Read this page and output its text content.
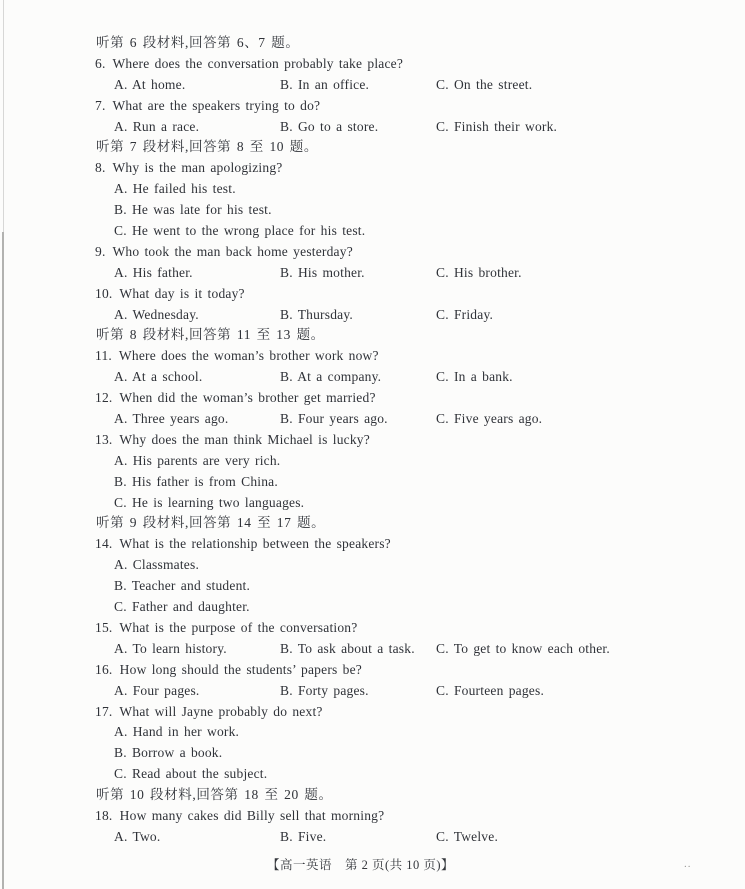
听第 6 段材料,回答第 6、7 题。
6. Where does the conversation probably take place?
A. At home.	B. In an office.	C. On the street.
7. What are the speakers trying to do?
A. Run a race.	B. Go to a store.	C. Finish their work.
听第 7 段材料,回答第 8 至 10 题。
8. Why is the man apologizing?
A. He failed his test.
B. He was late for his test.
C. He went to the wrong place for his test.
9. Who took the man back home yesterday?
A. His father.	B. His mother.	C. His brother.
10. What day is it today?
A. Wednesday.	B. Thursday.	C. Friday.
听第 8 段材料,回答第 11 至 13 题。
11. Where does the woman’s brother work now?
A. At a school.	B. At a company.	C. In a bank.
12. When did the woman’s brother get married?
A. Three years ago.	B. Four years ago.	C. Five years ago.
13. Why does the man think Michael is lucky?
A. His parents are very rich.
B. His father is from China.
C. He is learning two languages.
听第 9 段材料,回答第 14 至 17 题。
14. What is the relationship between the speakers?
A. Classmates.
B. Teacher and student.
C. Father and daughter.
15. What is the purpose of the conversation?
A. To learn history.	B. To ask about a task. C. To get to know each other.
16. How long should the students’ papers be?
A. Four pages.	B. Forty pages.	C. Fourteen pages.
17. What will Jayne probably do next?
A. Hand in her work.
B. Borrow a book.
C. Read about the subject.
听第 10 段材料,回答第 18 至 20 题。
18. How many cakes did Billy sell that morning?
A. Two.	B. Five.	C. Twelve.
【高一英语　第 2 页(共 10 页)】	..
